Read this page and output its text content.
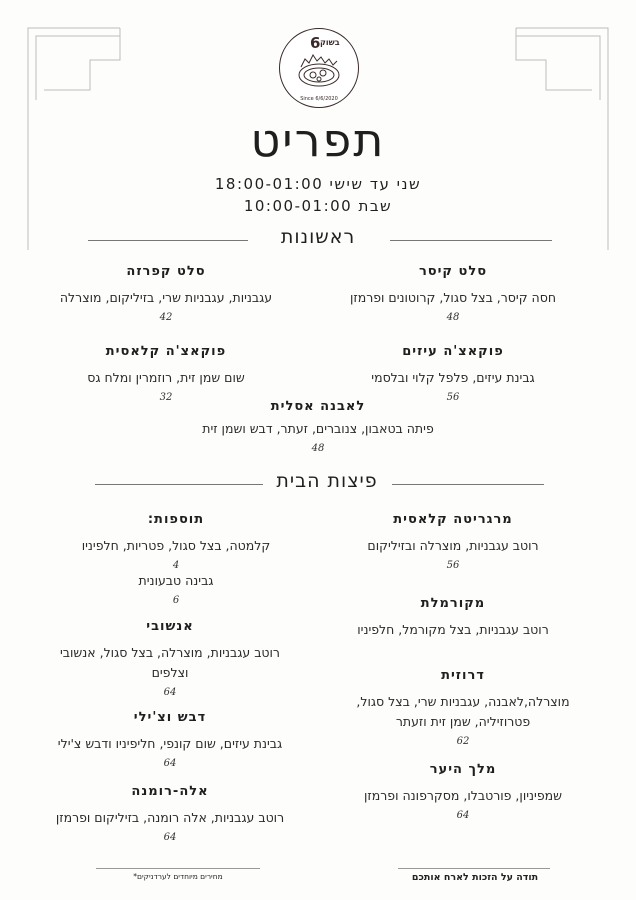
6 בשוק
Since 6/6/2020
תפריט
שני עד שישי 18:00-01:00
שבת 10:00-01:00
ראשונות
סלט קיסר
חסה קיסר, בצל סגול, קרוטונים ופרמזן
48
סלט קפרזה
עגבניות, עגבניות שרי, בזיליקום, מוצרלה
42
פוקאצ'ה עיזים
גבינת עיזים, פלפל קלוי ובלסמי
56
פוקאצ'ה קלאסית
שום שמן זית, רוזמרין ומלח גס
32
לאבנה אסלית
פיתה בטאבון, צנוברים, זעתר, דבש ושמן זית
48
פיצות הבית
מרגריטה קלאסית
רוטב עגבניות, מוצרלה ובזיליקום
56
מקורמלת
רוטב עגבניות, בצל מקורמל, חלפיניו
דרוזית
מוצרלה,לאבנה, עגבניות שרי, בצל סגול,
פטרוזיליה, שמן זית וזעתר
62
מלך היער
שמפיניון, פורטבלו, מסקרפונה ופרמזן
64
תוספות:
קלמטה, בצל סגול, פטריות, חלפיניו
4
גבינה טבעונית
6
אנשובי
רוטב עגבניות, מוצרלה, בצל סגול, אנשובי
וצלפים
64
דבש וצ'ילי
גבינת עיזים, שום קונפי, חליפיניו ודבש צ'ילי
64
אלה-רומנה
רוטב עגבניות, אלה רומנה, בזיליקום ופרמזן
64
מחירים מיוחדים לערדניקים*	תודה על הזכות לארח אותכם
